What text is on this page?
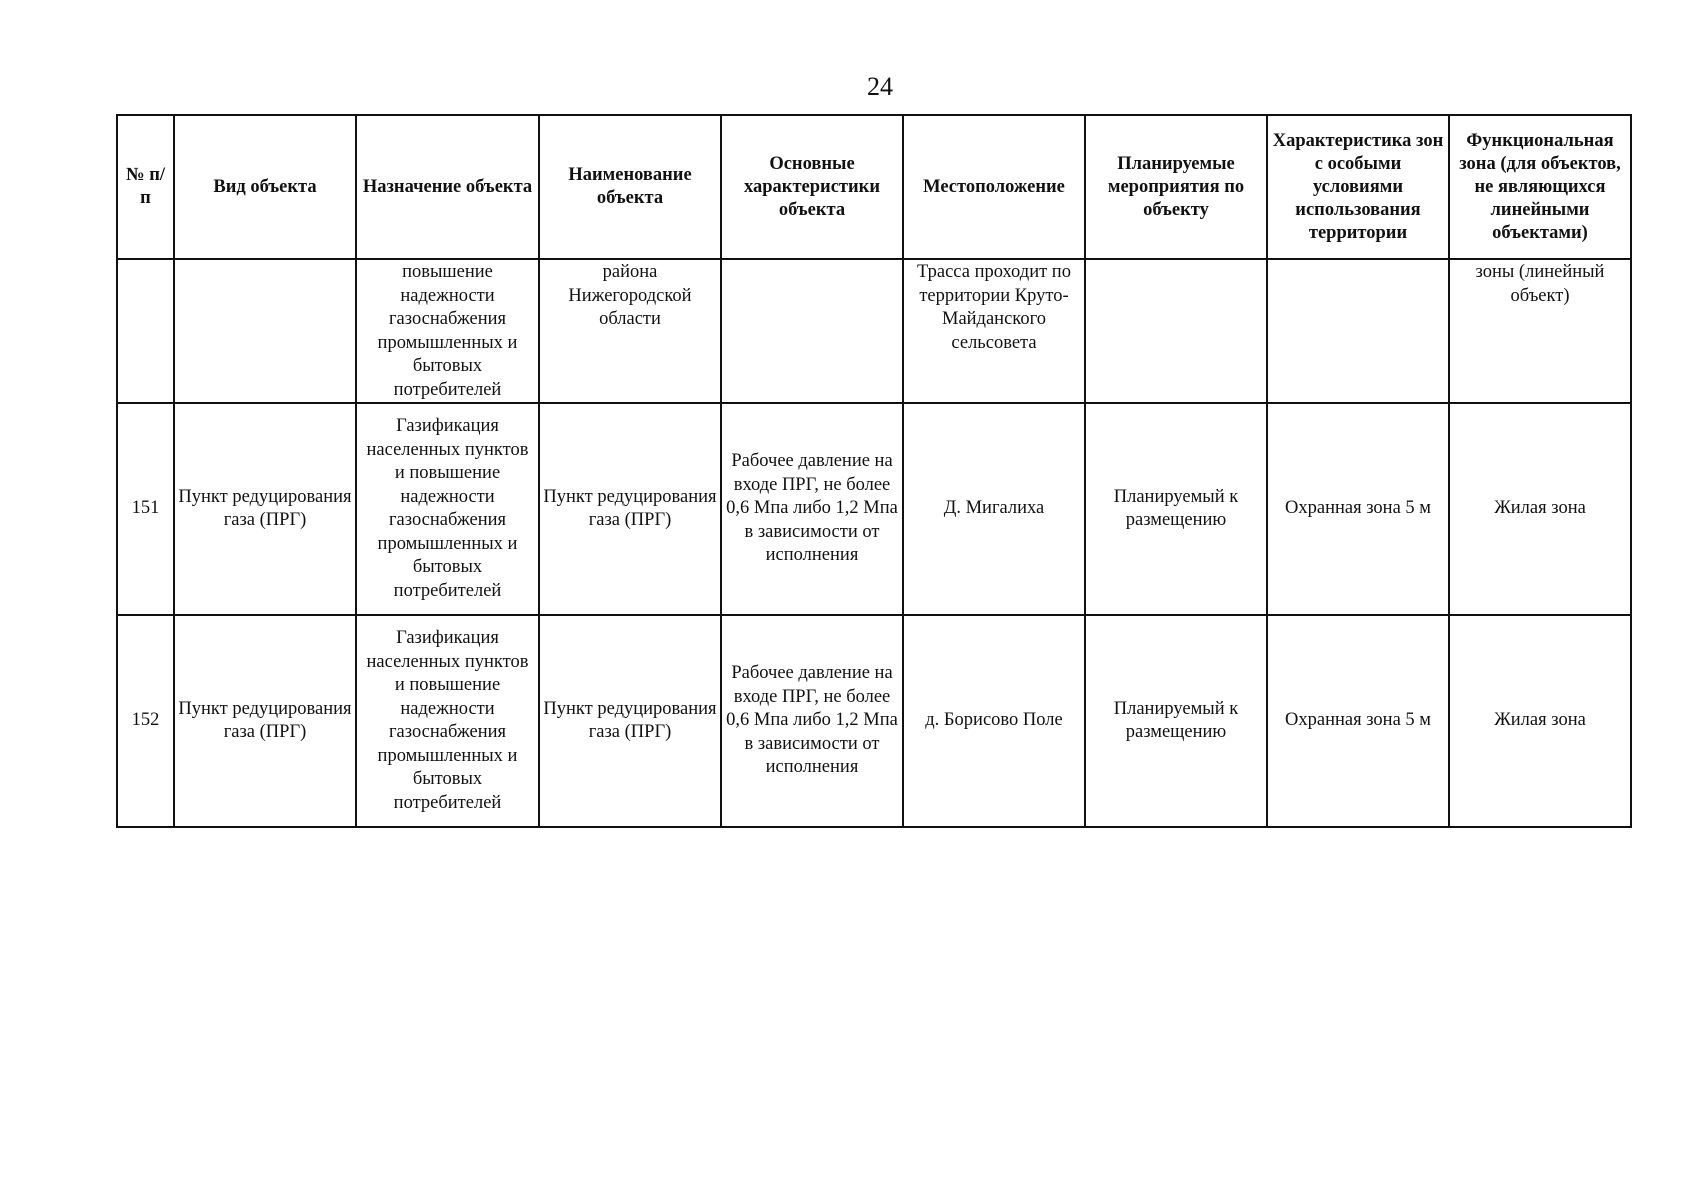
24
№ п/п	Вид объекта	Назначение объекта	Наименование объекта	Основные характеристики объекта	Местоположение	Планируемые мероприятия по объекту	Характеристика зон с особыми условиями использования территории	Функциональная зона (для объектов, не являющихся линейными объектами)
		повышение надежности газоснабжения промышленных и бытовых потребителей	района Нижегородской области		Трасса проходит по территории Круто-Майданского сельсовета			зоны (линейный объект)
151	Пункт редуцирования газа (ПРГ)	Газификация населенных пунктов и повышение надежности газоснабжения промышленных и бытовых потребителей	Пункт редуцирования газа (ПРГ)	Рабочее давление на входе ПРГ, не более 0,6 Мпа либо 1,2 Мпа в зависимости от исполнения	Д. Мигалиха	Планируемый к размещению	Охранная зона 5 м	Жилая зона
152	Пункт редуцирования газа (ПРГ)	Газификация населенных пунктов и повышение надежности газоснабжения промышленных и бытовых потребителей	Пункт редуцирования газа (ПРГ)	Рабочее давление на входе ПРГ, не более 0,6 Мпа либо 1,2 Мпа в зависимости от исполнения	д. Борисово Поле	Планируемый к размещению	Охранная зона 5 м	Жилая зона
